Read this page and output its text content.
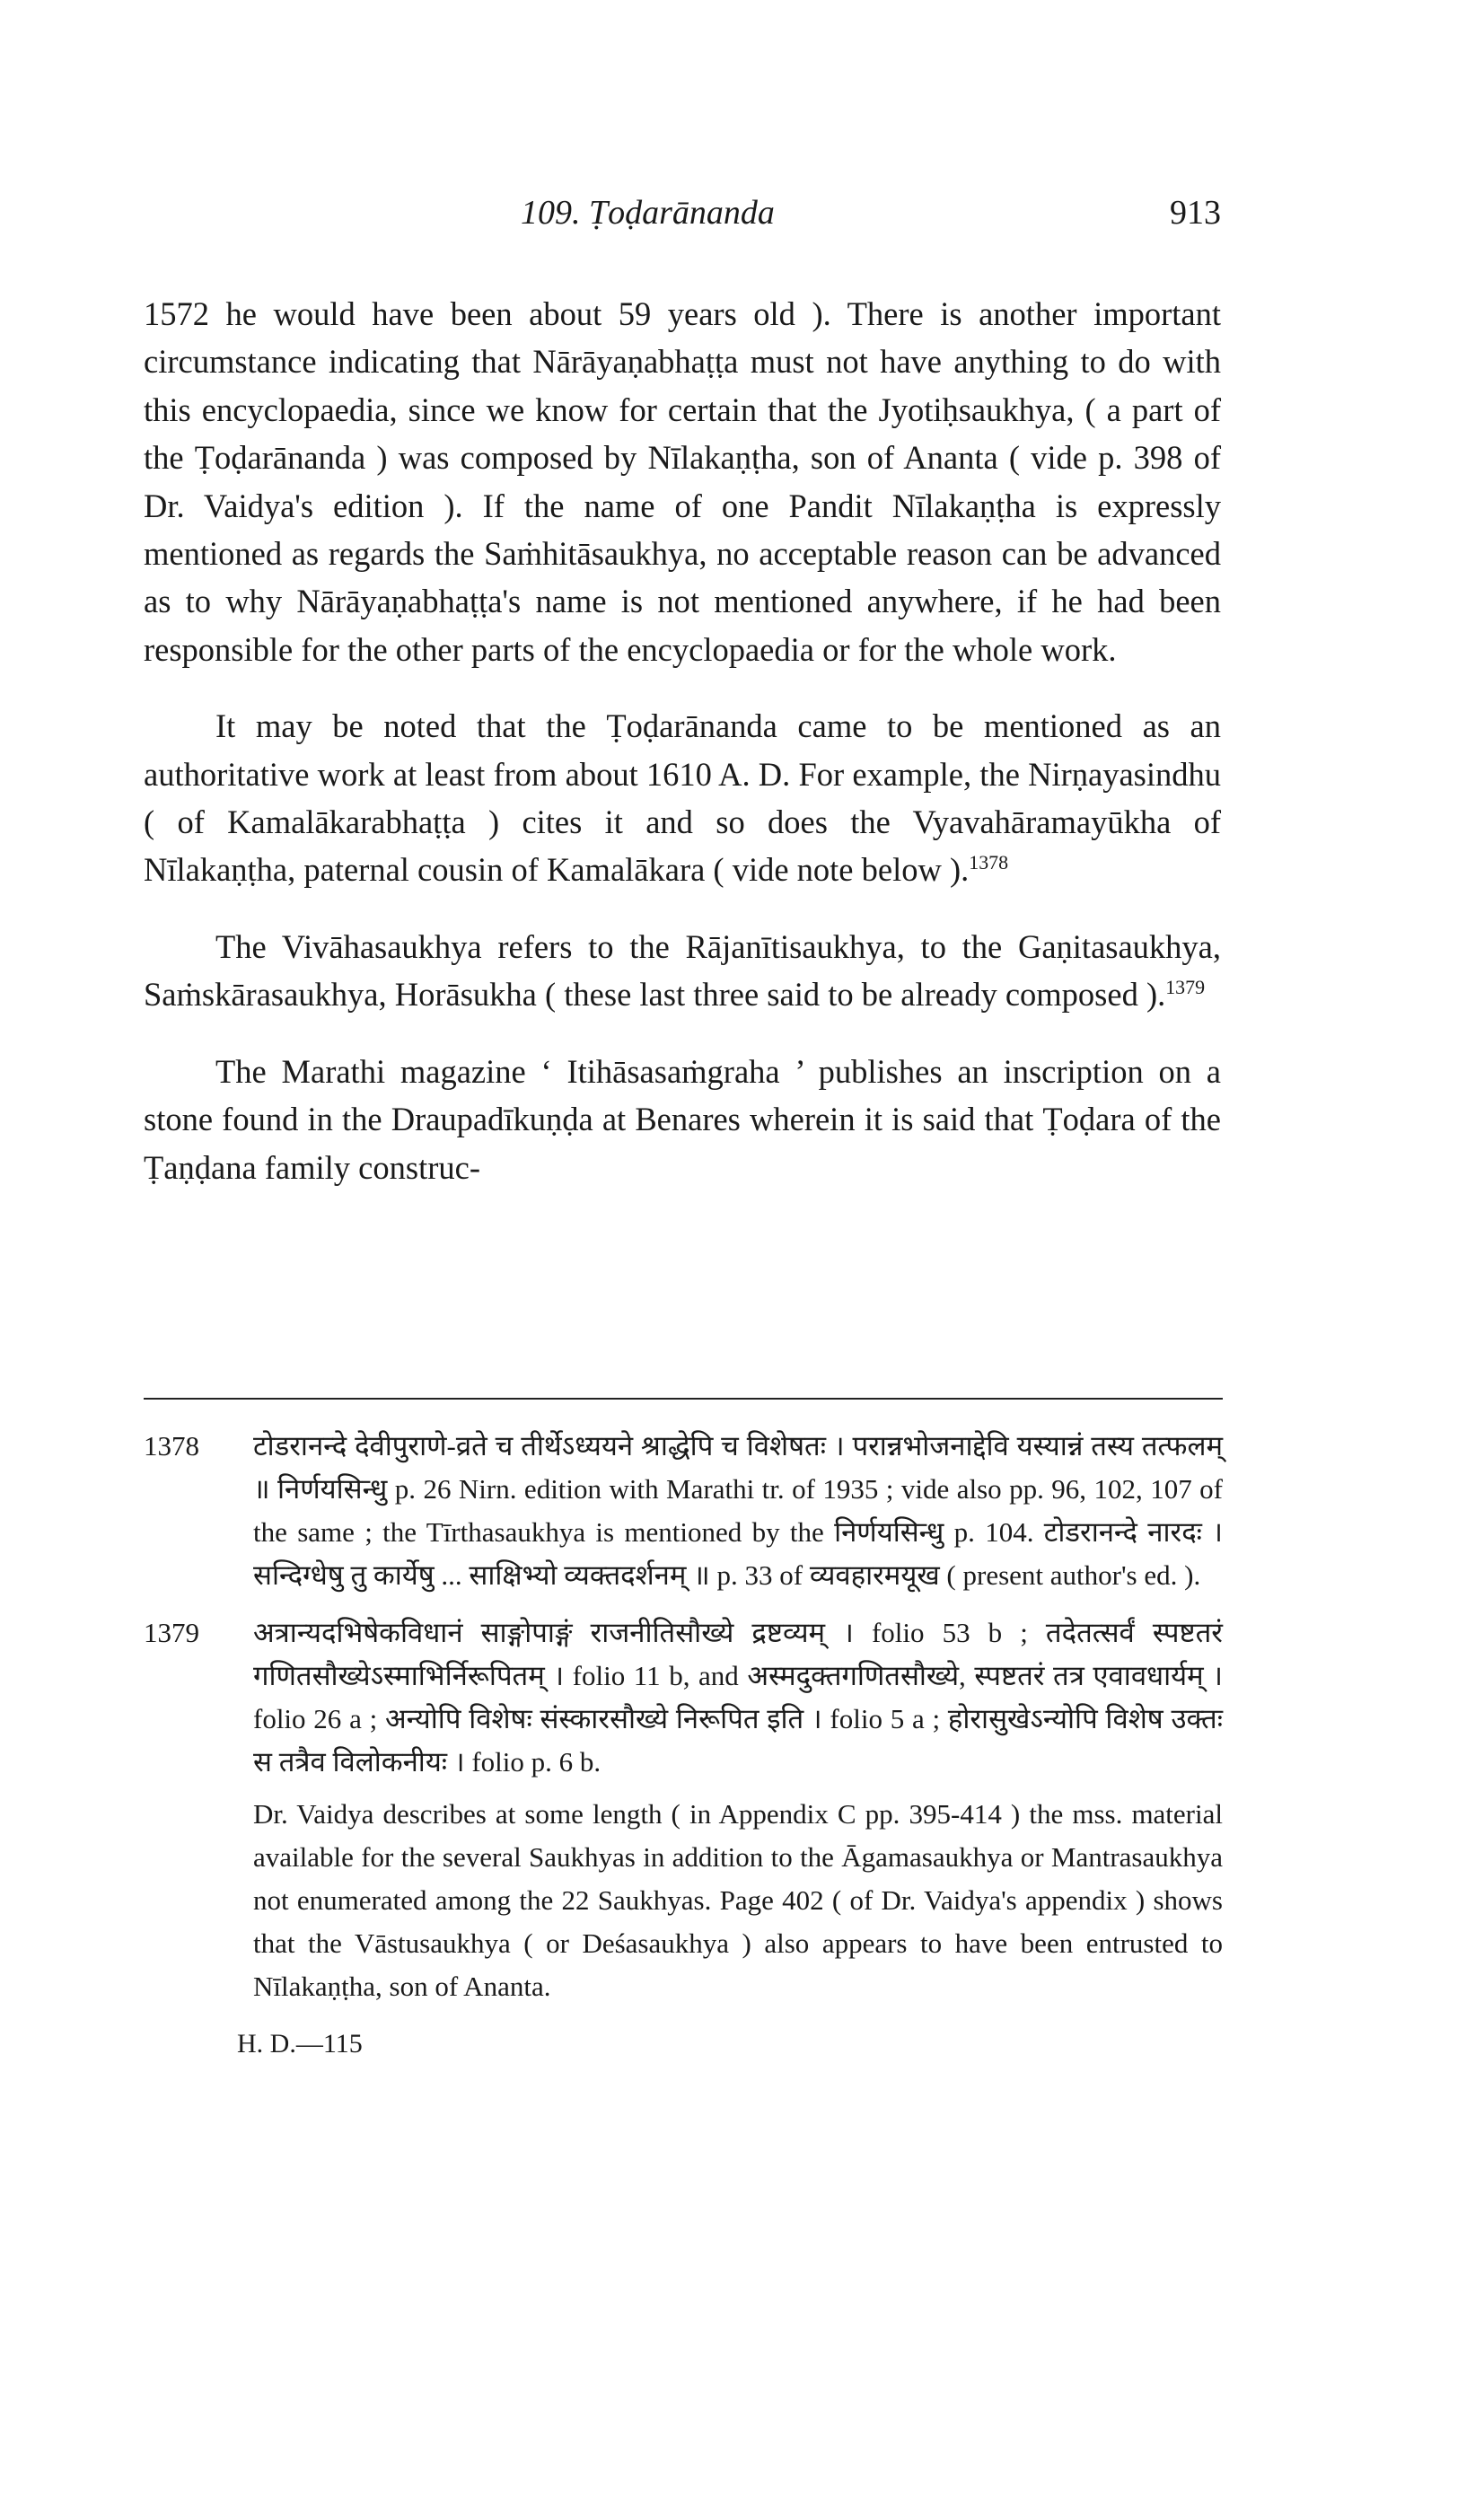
109. Ṭoḍarānanda	913

1572 he would have been about 59 years old ). There is another important circumstance indicating that Nārāyaṇabhaṭṭa must not have anything to do with this encyclopaedia, since we know for certain that the Jyotiḥsaukhya, ( a part of the Ṭoḍarānanda ) was composed by Nīlakaṇṭha, son of Ananta ( vide p. 398 of Dr. Vaidya's edition ). If the name of one Pandit Nīlakaṇṭha is expressly mentioned as regards the Saṁhitāsaukhya, no acceptable reason can be advanced as to why Nārāyaṇabhaṭṭa's name is not mentioned anywhere, if he had been responsible for the other parts of the encyclopaedia or for the whole work.

It may be noted that the Ṭoḍarānanda came to be mentioned as an authoritative work at least from about 1610 A. D. For example, the Nirṇayasindhu ( of Kamalākarabhaṭṭa ) cites it and so does the Vyavahāramayūkha of Nīlakaṇṭha, paternal cousin of Kamalākara ( vide note below ).$^{1378}$

The Vivāhasaukhya refers to the Rājanītisaukhya, to the Gaṇitasaukhya, Saṁskārasaukhya, Horāsukha ( these last three said to be already composed ).$^{1379}$

The Marathi magazine ‘ Itihāsasaṁgraha ’ publishes an inscription on a stone found in the Draupadīkuṇḍa at Benares wherein it is said that Ṭoḍara of the Ṭaṇḍana family construc-

1378	टोडरानन्दे देवीपुराणे-व्रते च तीर्थेऽध्ययने श्राद्धेपि च विशेषतः । परान्नभोजनाद्देवि यस्यान्नं तस्य तत्फलम् ॥ निर्णयसिन्धु p. 26 Nirn. edition with Marathi tr. of 1935 ; vide also pp. 96, 102, 107 of the same ; the Tīrthasaukhya is mentioned by the निर्णयसिन्धु p. 104. टोडरानन्दे नारदः । सन्दिग्धेषु तु कार्येषु ... साक्षिभ्यो व्यक्तदर्शनम् ॥ p. 33 of व्यवहारमयूख ( present author's ed. ).

1379	अत्रान्यदभिषेकविधानं साङ्गोपाङ्गं राजनीतिसौख्ये द्रष्टव्यम् । folio 53 b ; तदेतत्सर्वं स्पष्टतरं गणितसौख्येऽस्माभिर्निरूपितम् । folio 11 b, and अस्मदुक्तगणितसौख्ये, स्पष्टतरं तत्र एवावधार्यम् । folio 26 a ; अन्योपि विशेषः संस्कारसौख्ये निरूपित इति । folio 5 a ; होरासुखेऽन्योपि विशेष उक्तः स तत्रैव विलोकनीयः । folio p. 6 b.

Dr. Vaidya describes at some length ( in Appendix C pp. 395-414 ) the mss. material available for the several Saukhyas in addition to the Āgamasaukhya or Mantrasaukhya not enumerated among the 22 Saukhyas. Page 402 ( of Dr. Vaidya's appendix ) shows that the Vāstusaukhya ( or Deśasaukhya ) also appears to have been entrusted to Nīlakaṇṭha, son of Ananta.

H. D.—115
